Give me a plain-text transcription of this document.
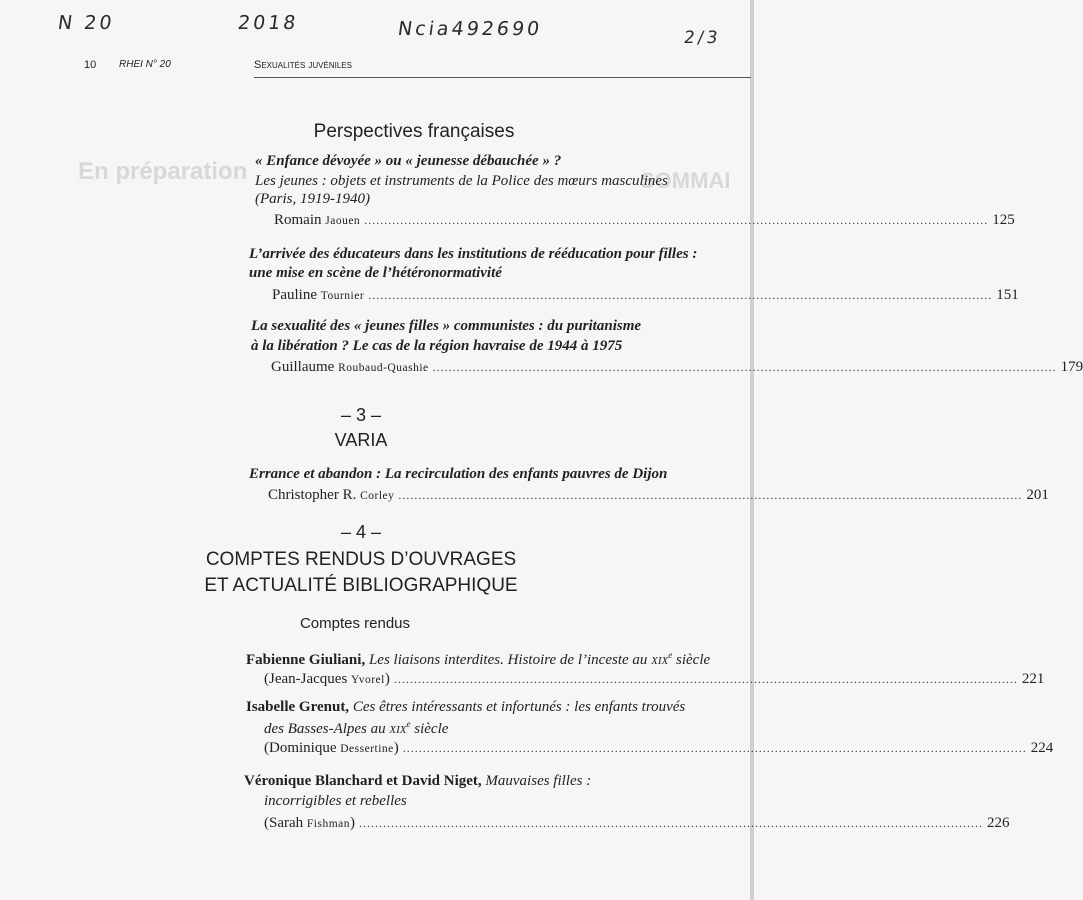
En préparation	SOMMAI
N 20	2018	Ncia492690	2/3
10 RHEI N° 20	Sexualités juvéniles
Perspectives françaises
« Enfance dévoyée » ou « jeunesse débauchée » ?
Les jeunes : objets et instruments de la Police des mœurs masculines
(Paris, 1919-1940)
Romain Jaouen ............................................................................................................................................................ 125
L’arrivée des éducateurs dans les institutions de rééducation pour filles :
une mise en scène de l’hétéronormativité
Pauline Tournier ............................................................................................................................................................ 151
La sexualité des « jeunes filles » communistes : du puritanisme
à la libération ? Le cas de la région havraise de 1944 à 1975
Guillaume Roubaud-Quashie ............................................................................................................................................................ 179
– 3 –
VARIA
Errance et abandon : La recirculation des enfants pauvres de Dijon
Christopher R. Corley ............................................................................................................................................................ 201
– 4 –
COMPTES RENDUS D’OUVRAGES
ET ACTUALITÉ BIBLIOGRAPHIQUE
Comptes rendus
Fabienne Giuliani, Les liaisons interdites. Histoire de l’inceste au xix$^e$ siècle
(Jean-Jacques Yvorel) ............................................................................................................................................................ 221
Isabelle Grenut, Ces êtres intéressants et infortunés : les enfants trouvés
des Basses-Alpes au xix$^e$ siècle
(Dominique Dessertine) ............................................................................................................................................................ 224
Véronique Blanchard et David Niget, Mauvaises filles :
incorrigibles et rebelles
(Sarah Fishman) ............................................................................................................................................................ 226
